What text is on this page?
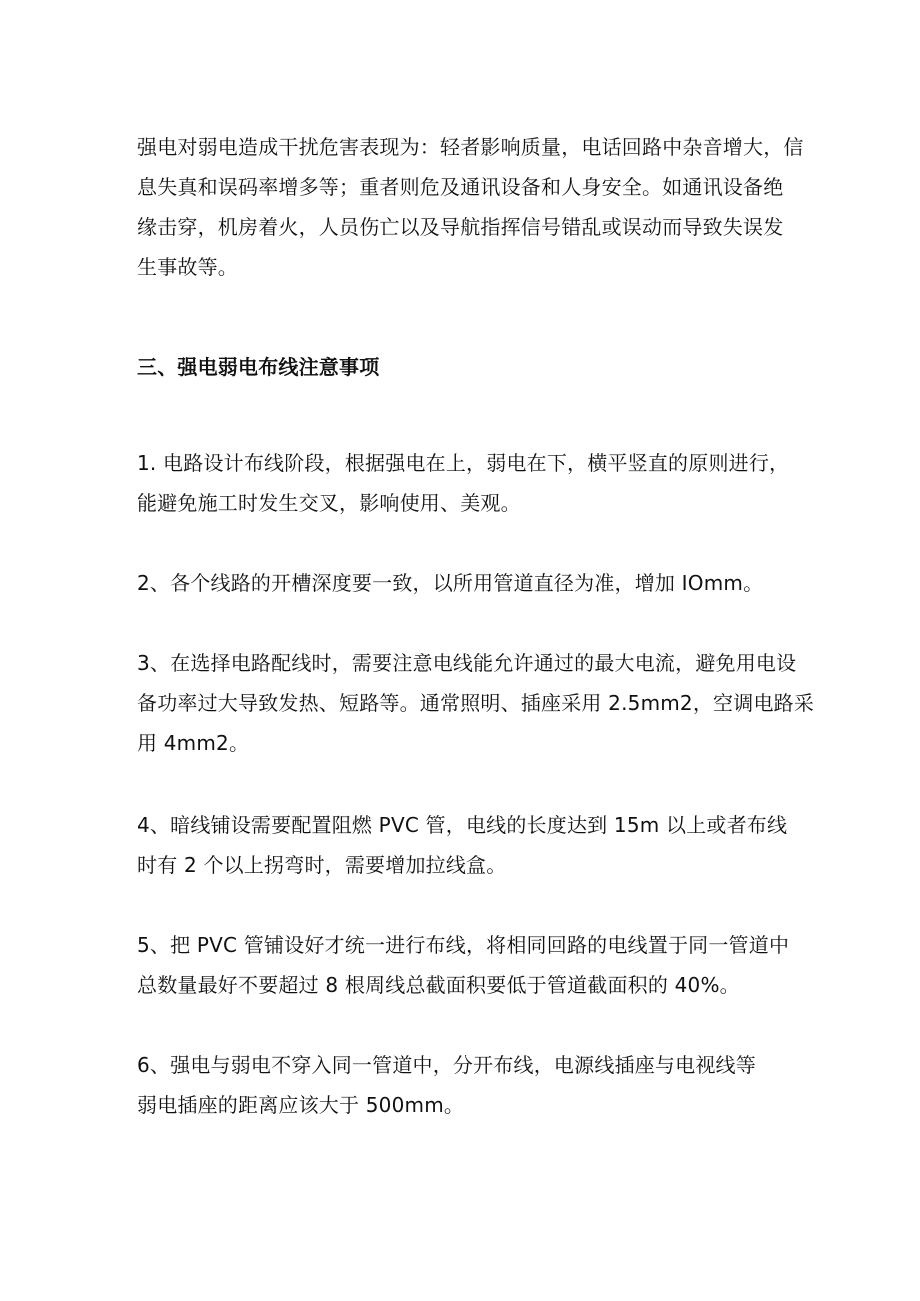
强电对弱电造成干扰危害表现为：轻者影响质量，电话回路中杂音增大，信
息失真和误码率增多等；重者则危及通讯设备和人身安全。如通讯设备绝
缘击穿，机房着火，人员伤亡以及导航指挥信号错乱或误动而导致失误发
生事故等。
三、强电弱电布线注意事项
1. 电路设计布线阶段，根据强电在上，弱电在下，横平竖直的原则进行，
能避免施工时发生交叉，影响使用、美观。
2、各个线路的开槽深度要一致，以所用管道直径为准，增加 IOmm。
3、在选择电路配线时，需要注意电线能允许通过的最大电流，避免用电设
备功率过大导致发热、短路等。通常照明、插座采用 2.5mm2，空调电路采
用 4mm2。
4、暗线铺设需要配置阻燃 PVC 管，电线的长度达到 15m 以上或者布线
时有 2 个以上拐弯时，需要增加拉线盒。
5、把 PVC 管铺设好才统一进行布线，将相同回路的电线置于同一管道中
总数量最好不要超过 8 根周线总截面积要低于管道截面积的 40%。
6、强电与弱电不穿入同一管道中，分开布线，电源线插座与电视线等
弱电插座的距离应该大于 500mm。
